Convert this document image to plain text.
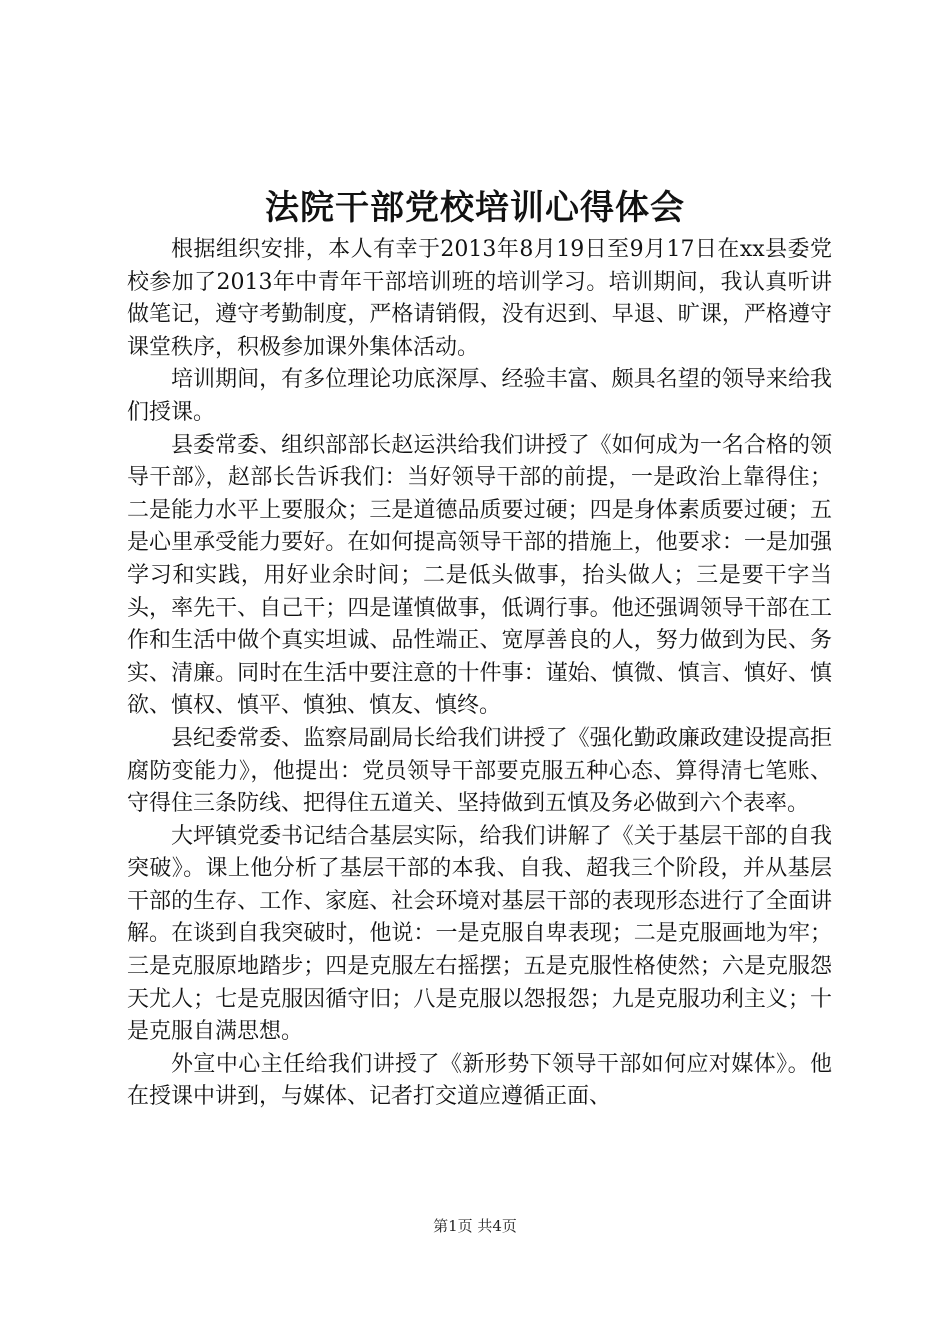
法院干部党校培训心得体会

根据组织安排，本人有幸于2013年8月19日至9月17日在xx县委党校参加了2013年中青年干部培训班的培训学习。培训期间，我认真听讲做笔记，遵守考勤制度，严格请销假，没有迟到、早退、旷课，严格遵守课堂秩序，积极参加课外集体活动。

培训期间，有多位理论功底深厚、经验丰富、颇具名望的领导来给我们授课。

县委常委、组织部部长赵运洪给我们讲授了《如何成为一名合格的领导干部》，赵部长告诉我们：当好领导干部的前提，一是政治上靠得住；二是能力水平上要服众；三是道德品质要过硬；四是身体素质要过硬；五是心里承受能力要好。在如何提高领导干部的措施上，他要求：一是加强学习和实践，用好业余时间；二是低头做事，抬头做人；三是要干字当头，率先干、自己干；四是谨慎做事，低调行事。他还强调领导干部在工作和生活中做个真实坦诚、品性端正、宽厚善良的人，努力做到为民、务实、清廉。同时在生活中要注意的十件事：谨始、慎微、慎言、慎好、慎欲、慎权、慎平、慎独、慎友、慎终。

县纪委常委、监察局副局长给我们讲授了《强化勤政廉政建设提高拒腐防变能力》，他提出：党员领导干部要克服五种心态、算得清七笔账、守得住三条防线、把得住五道关、坚持做到五慎及务必做到六个表率。

大坪镇党委书记结合基层实际，给我们讲解了《关于基层干部的自我突破》。课上他分析了基层干部的本我、自我、超我三个阶段，并从基层干部的生存、工作、家庭、社会环境对基层干部的表现形态进行了全面讲解。在谈到自我突破时，他说：一是克服自卑表现；二是克服画地为牢；三是克服原地踏步；四是克服左右摇摆；五是克服性格使然；六是克服怨天尤人；七是克服因循守旧；八是克服以怨报怨；九是克服功利主义；十是克服自满思想。

外宣中心主任给我们讲授了《新形势下领导干部如何应对媒体》。他在授课中讲到，与媒体、记者打交道应遵循正面、

第1页 共4页
